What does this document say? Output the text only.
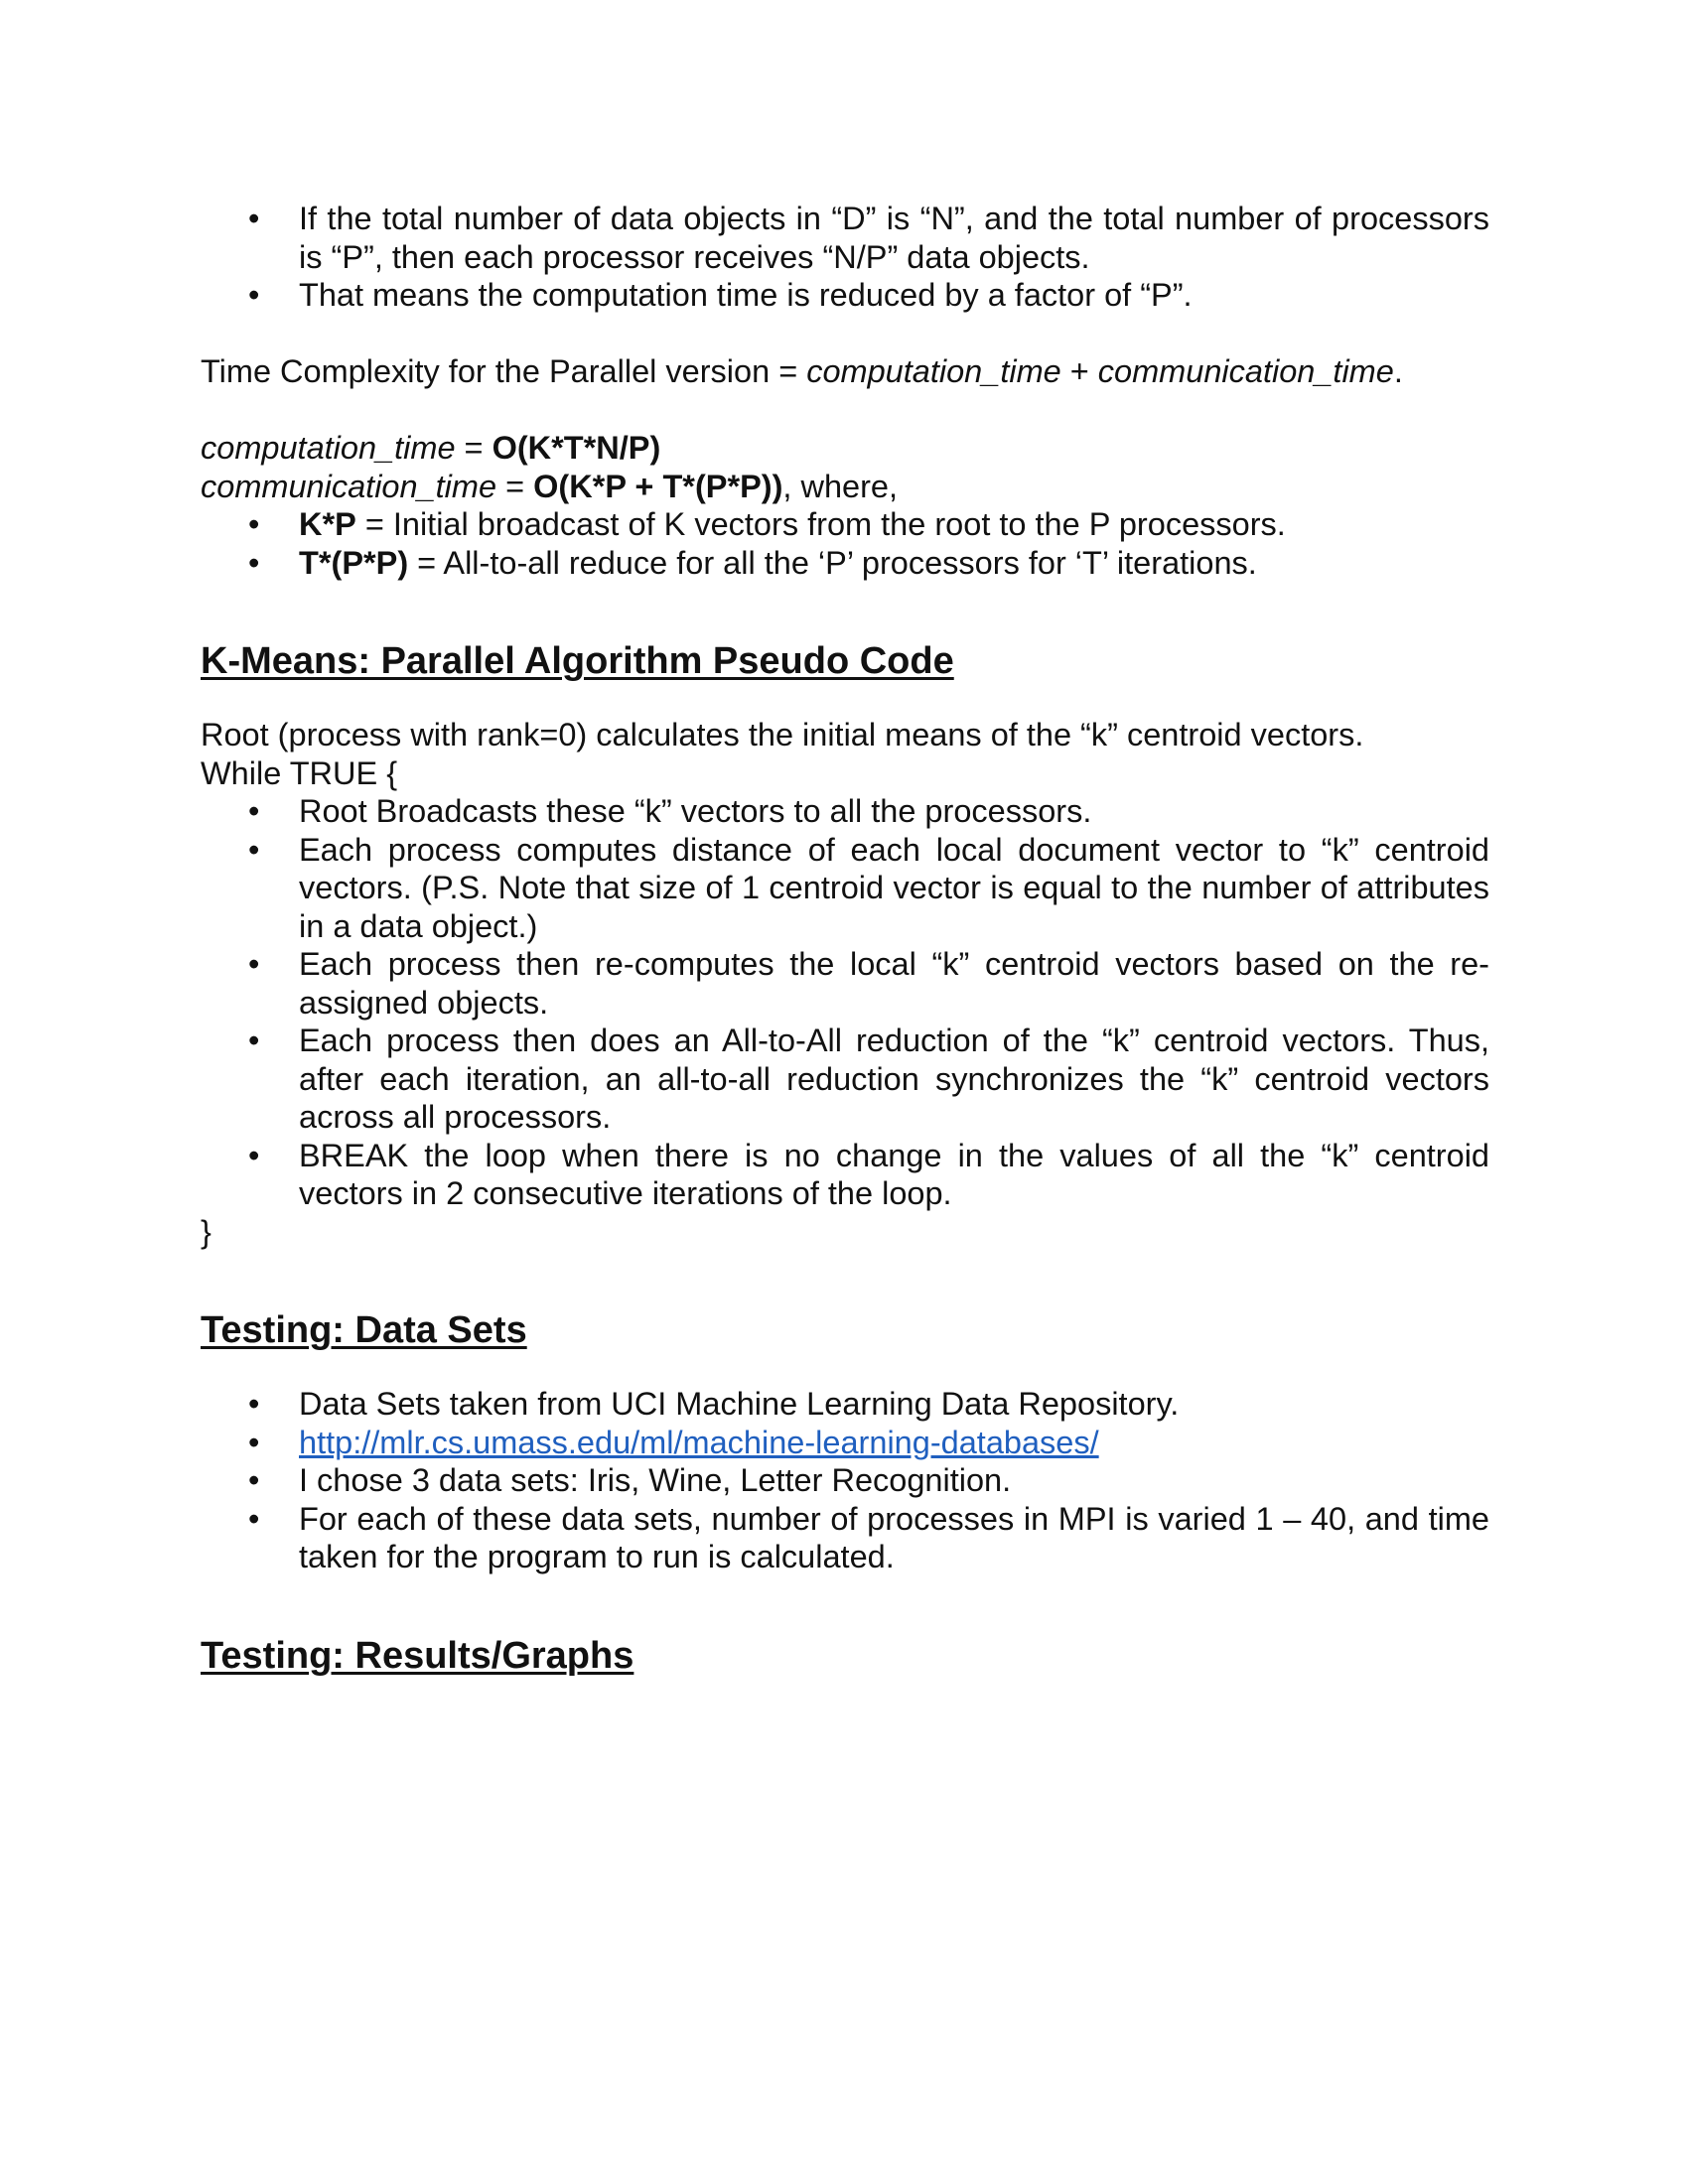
• If the total number of data objects in “D” is “N”, and the total number of processors is “P”, then each processor receives “N/P” data objects.
• That means the computation time is reduced by a factor of “P”.

Time Complexity for the Parallel version = computation_time + communication_time.

computation_time = O(K*T*N/P)

communication_time = O(K*P + T*(P*P)), where,

• K*P = Initial broadcast of K vectors from the root to the P processors.
• T*(P*P) = All-to-all reduce for all the ‘P’ processors for ‘T’ iterations.
K-Means: Parallel Algorithm Pseudo Code

Root (process with rank=0) calculates the initial means of the “k” centroid vectors.

While TRUE {

• Root Broadcasts these “k” vectors to all the processors.
• Each process computes distance of each local document vector to “k” centroid vectors. (P.S. Note that size of 1 centroid vector is equal to the number of attributes in a data object.)
• Each process then re-computes the local “k” centroid vectors based on the re-assigned objects.
• Each process then does an All-to-All reduction of the “k” centroid vectors. Thus, after each iteration, an all-to-all reduction synchronizes the “k” centroid vectors across all processors.
• BREAK the loop when there is no change in the values of all the “k” centroid vectors in 2 consecutive iterations of the loop.

}

Testing: Data Sets
• Data Sets taken from UCI Machine Learning Data Repository.
• http://mlr.cs.umass.edu/ml/machine-learning-databases/
• I chose 3 data sets: Iris, Wine, Letter Recognition.
• For each of these data sets, number of processes in MPI is varied 1 – 40, and time taken for the program to run is calculated.
Testing: Results/Graphs
